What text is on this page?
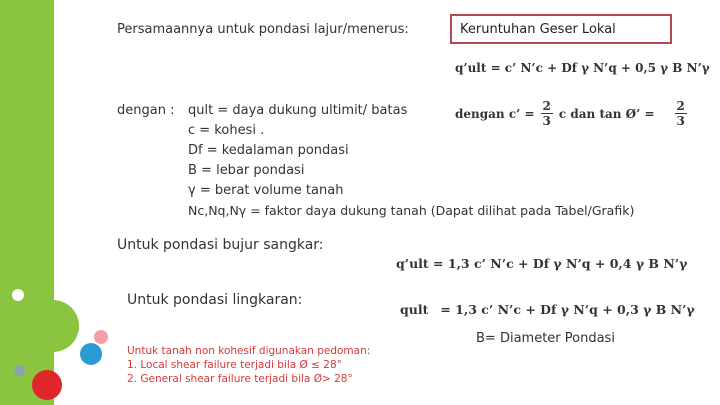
Persamaannya untuk pondasi lajur/menerus:	Keruntuhan Geser Lokal
q’ult = c’ N’c + Df γ N’q + 0,5 γ B N’γ
dengan c’ = $\frac{2}{3}$ c dan tan Ø’ = $\frac{2}{3}$
dengan : qult = daya dukung ultimit/ batas
c = kohesi .
Df = kedalaman pondasi
B = lebar pondasi
γ = berat volume tanah
Nc,Nq,Nγ = faktor daya dukung tanah (Dapat dilihat pada Tabel/Grafik)
Untuk pondasi bujur sangkar:
q’ult = 1,3 c’ N’c + Df γ N’q + 0,4 γ B N’γ
Untuk pondasi lingkaran:
qult = 1,3 c’ N’c + Df γ N’q + 0,3 γ B N’γ
B= Diameter Pondasi
Untuk tanah non kohesif digunakan pedoman:
1. Local shear failure terjadi bila Ø ≤ 28°
2. General shear failure terjadi bila Ø> 28°
